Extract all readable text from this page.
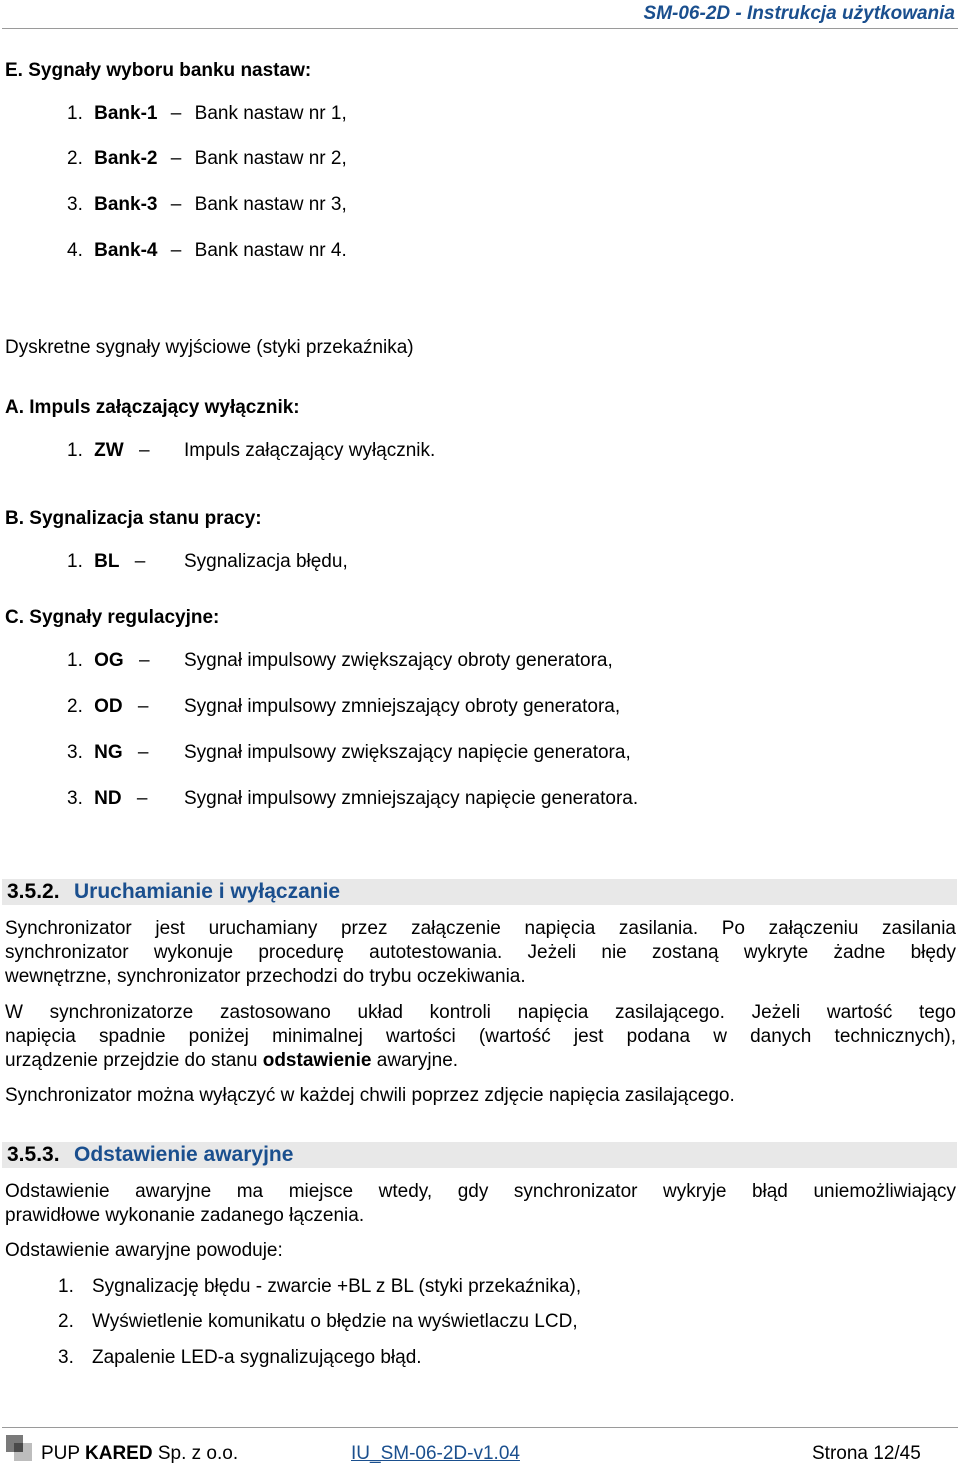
SM-06-2D - Instrukcja użytkowania
E. Sygnały wyboru banku nastaw:
1. Bank-1 – Bank nastaw nr 1,
2. Bank-2 – Bank nastaw nr 2,
3. Bank-3 – Bank nastaw nr 3,
4. Bank-4 – Bank nastaw nr 4.
Dyskretne sygnały wyjściowe (styki przekaźnika)
A. Impuls załączający wyłącznik:
1. ZW – Impuls załączający wyłącznik.
B. Sygnalizacja stanu pracy:
1. BL – Sygnalizacja błędu,
C. Sygnały regulacyjne:
1. OG – Sygnał impulsowy zwiększający obroty generatora,
2. OD – Sygnał impulsowy zmniejszający obroty generatora,
3. NG – Sygnał impulsowy zwiększający napięcie generatora,
3. ND – Sygnał impulsowy zmniejszający napięcie generatora.
3.5.2. Uruchamianie i wyłączanie
Synchronizator jest uruchamiany przez załączenie napięcia zasilania. Po załączeniu zasilania
synchronizator wykonuje procedurę autotestowania. Jeżeli nie zostaną wykryte żadne błędy
wewnętrzne, synchronizator przechodzi do trybu oczekiwania.
W synchronizatorze zastosowano układ kontroli napięcia zasilającego. Jeżeli wartość tego
napięcia spadnie poniżej minimalnej wartości (wartość jest podana w danych technicznych),
urządzenie przejdzie do stanu odstawienie awaryjne.
Synchronizator można wyłączyć w każdej chwili poprzez zdjęcie napięcia zasilającego.
3.5.3. Odstawienie awaryjne
Odstawienie awaryjne ma miejsce wtedy, gdy synchronizator wykryje błąd uniemożliwiający
prawidłowe wykonanie zadanego łączenia.
Odstawienie awaryjne powoduje:
1. Sygnalizację błędu - zwarcie +BL z BL (styki przekaźnika),
2. Wyświetlenie komunikatu o błędzie na wyświetlaczu LCD,
3. Zapalenie LED-a sygnalizującego błąd.
PUP KARED Sp. z o.o.	IU_SM-06-2D-v1.04	Strona 12/45
